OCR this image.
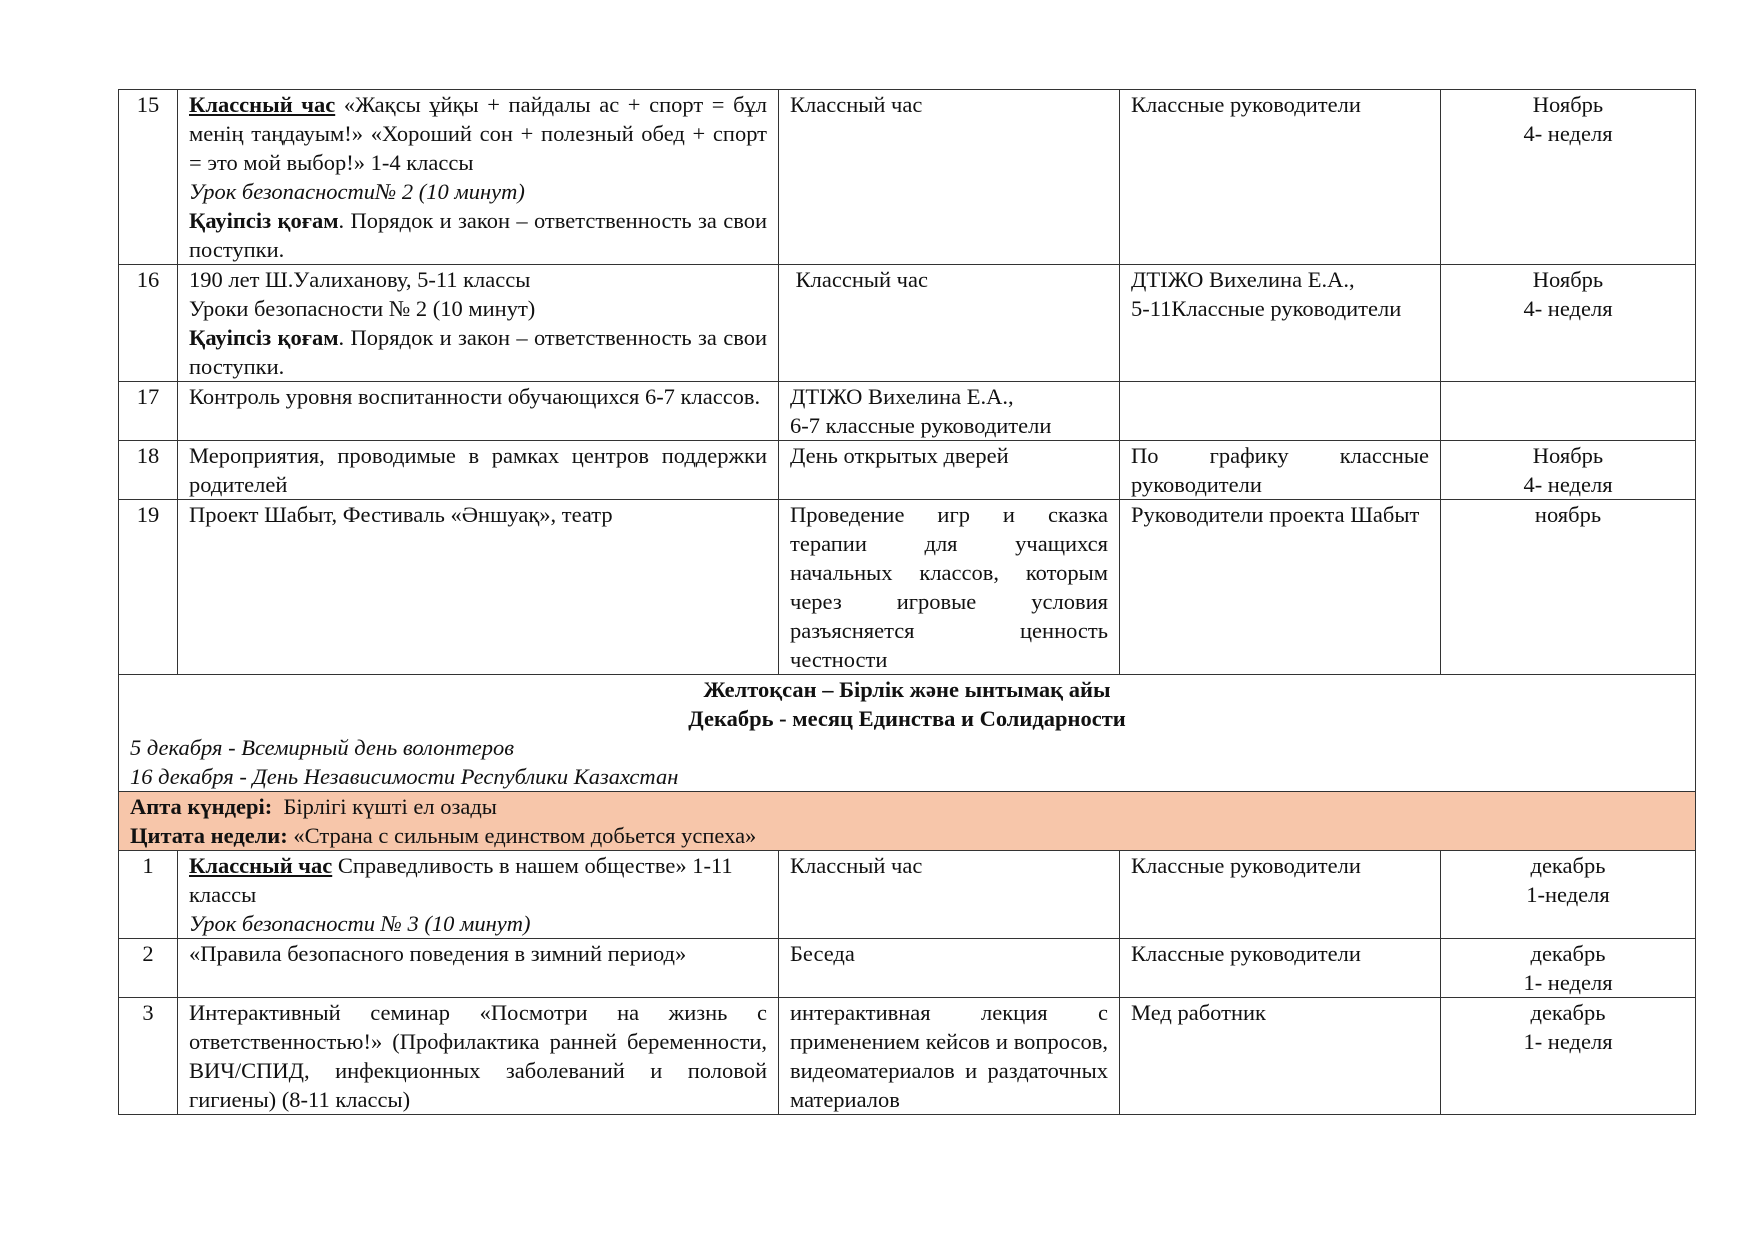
15	Классный час «Жақсы ұйқы + пайдалы ас + спорт = бұл менің таңдауым!» «Хороший сон + полезный обед + спорт = это мой выбор!» 1-4 классы
Урок безопасности№ 2 (10 минут)
Қауіпсіз қоғам. Порядок и закон – ответственность за свои поступки.	Классный час	Классные руководители	Ноябрь
4- неделя

16	190 лет Ш.Уалиханову, 5-11 классы
Уроки безопасности № 2 (10 минут)
Қауіпсіз қоғам. Порядок и закон – ответственность за свои поступки.	Классный час	ДТІЖО Вихелина Е.А.,
5-11Классные руководители	Ноябрь
4- неделя

17	Контроль уровня воспитанности обучающихся 6-7 классов.	ДТІЖО Вихелина Е.А.,
6-7 классные руководители		

18	Мероприятия, проводимые в рамках центров поддержки родителей	День открытых дверей	По графику классные руководители	Ноябрь
4- неделя

19	Проект Шабыт, Фестиваль «Әншуақ», театр	Проведение игр и сказка терапии для учащихся начальных классов, которым через игровые условия разъясняется ценность честности	Руководители проекта Шабыт	ноябрь

Желтоқсан – Бірлік және ынтымақ айы
Декабрь - месяц Единства и Солидарности
5 декабря - Всемирный день волонтеров
16 декабря - День Независимости Республики Казахстан				

Апта күндері:  Бірлігі күшті ел озады
Цитата недели: «Страна с сильным единством добьется успеха»				

1	Классный час Справедливость в нашем обществе» 1-11 классы
Урок безопасности № 3 (10 минут)	Классный час	Классные руководители	декабрь
1-неделя

2	«Правила безопасного поведения в зимний период»	Беседа	Классные руководители	декабрь
1- неделя

3	Интерактивный семинар «Посмотри на жизнь с ответственностью!» (Профилактика ранней беременности, ВИЧ/СПИД, инфекционных заболеваний и половой гигиены) (8-11 классы)	интерактивная лекция с применением кейсов и вопросов, видеоматериалов и раздаточных материалов	Мед работник	декабрь
1- неделя
